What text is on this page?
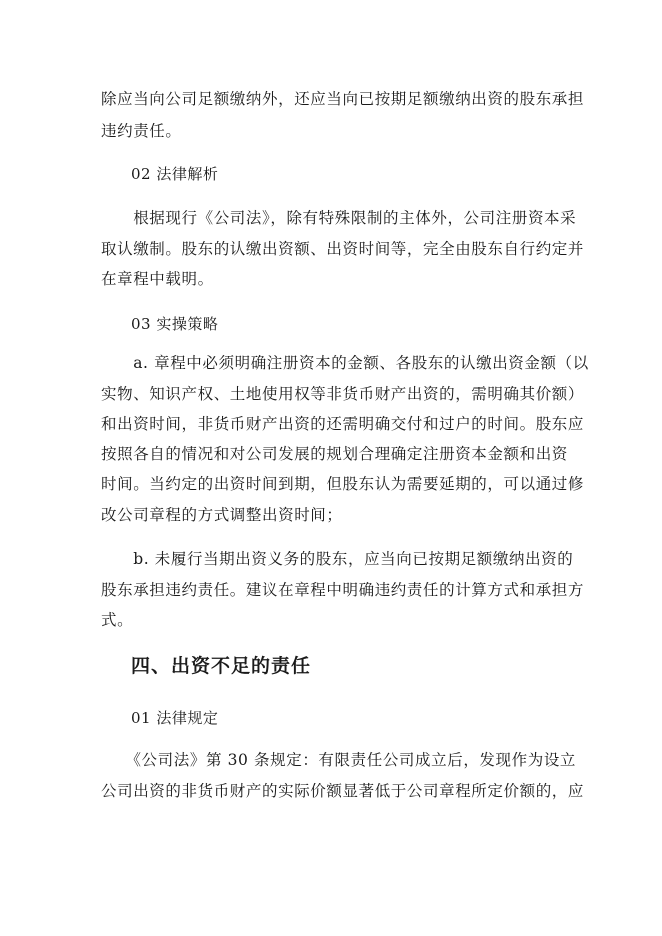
除应当向公司足额缴纳外，还应当向已按期足额缴纳出资的股东承担
违约责任。
02 法律解析
　　根据现行《公司法》，除有特殊限制的主体外，公司注册资本采
取认缴制。股东的认缴出资额、出资时间等，完全由股东自行约定并
在章程中载明。
03 实操策略
　　a. 章程中必须明确注册资本的金额、各股东的认缴出资金额（以
实物、知识产权、土地使用权等非货币财产出资的，需明确其价额）
和出资时间，非货币财产出资的还需明确交付和过户的时间。股东应
按照各自的情况和对公司发展的规划合理确定注册资本金额和出资
时间。当约定的出资时间到期，但股东认为需要延期的，可以通过修
改公司章程的方式调整出资时间；
　　b. 未履行当期出资义务的股东，应当向已按期足额缴纳出资的
股东承担违约责任。建议在章程中明确违约责任的计算方式和承担方
式。
四、出资不足的责任
01 法律规定
　　《公司法》第 30 条规定：有限责任公司成立后，发现作为设立
公司出资的非货币财产的实际价额显著低于公司章程所定价额的，应
